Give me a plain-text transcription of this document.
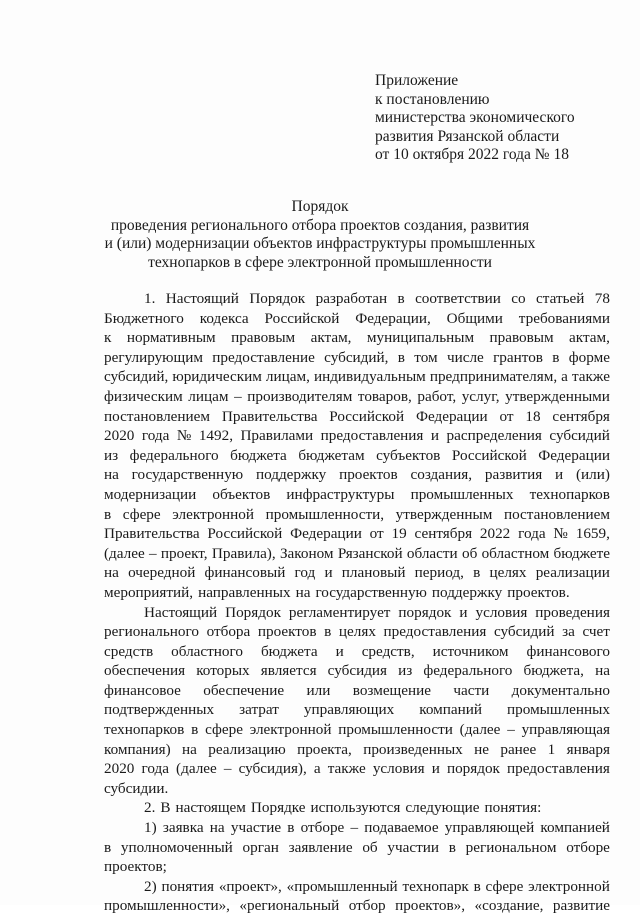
Приложение
к постановлению
министерства экономического
развития Рязанской области
от 10 октября 2022 года № 18
Порядок
проведения регионального отбора проектов создания, развития
и (или) модернизации объектов инфраструктуры промышленных
технопарков в сфере электронной промышленности
1. Настоящий Порядок разработан в соответствии со статьей 78
Бюджетного кодекса Российской Федерации, Общими требованиями
к нормативным правовым актам, муниципальным правовым актам,
регулирующим предоставление субсидий, в том числе грантов в форме
субсидий, юридическим лицам, индивидуальным предпринимателям, а также
физическим лицам – производителям товаров, работ, услуг, утвержденными
постановлением Правительства Российской Федерации от 18 сентября
2020 года № 1492, Правилами предоставления и распределения субсидий
из федерального бюджета бюджетам субъектов Российской Федерации
на государственную поддержку проектов создания, развития и (или)
модернизации объектов инфраструктуры промышленных технопарков
в сфере электронной промышленности, утвержденным постановлением
Правительства Российской Федерации от 19 сентября 2022 года № 1659,
(далее – проект, Правила), Законом Рязанской области об областном бюджете
на очередной финансовый год и плановый период, в целях реализации
мероприятий, направленных на государственную поддержку проектов.
Настоящий Порядок регламентирует порядок и условия проведения
регионального отбора проектов в целях предоставления субсидий за счет
средств областного бюджета и средств, источником финансового
обеспечения которых является субсидия из федерального бюджета, на
финансовое обеспечение или возмещение части документально
подтвержденных затрат управляющих компаний промышленных
технопарков в сфере электронной промышленности (далее – управляющая
компания) на реализацию проекта, произведенных не ранее 1 января
2020 года (далее – субсидия), а также условия и порядок предоставления
субсидии.
2. В настоящем Порядке используются следующие понятия:
1) заявка на участие в отборе – подаваемое управляющей компанией
в уполномоченный орган заявление об участии в региональном отборе
проектов;
2) понятия «проект», «промышленный технопарк в сфере электронной
промышленности», «региональный отбор проектов», «создание, развитие
